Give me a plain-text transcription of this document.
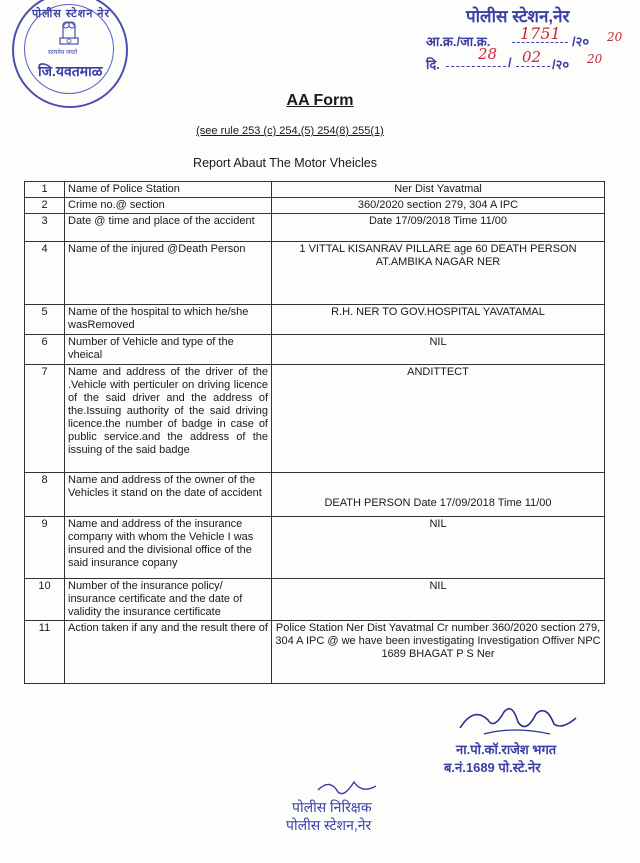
पोलीस स्टेशन नेर
सत्यमेव जयते
जि.यवतमाळ
पोलीस स्टेशन,नेर
आ.क्र./जा.क्र. 1751 /२० 20
दि.
28 / 02 /२० 20
AA Form
(see rule 253 (c) 254,(5) 254(8) 255(1)
Report Abaut The Motor Vheicles
1	Name of Police Station	Ner Dist Yavatmal
2	Crime no.@ section	360/2020 section 279, 304 A IPC
3	Date @ time and place of the accident	Date 17/09/2018 Time 11/00
4	Name of the injured @Death Person	1 VITTAL KISANRAV PILLARE age 60 DEATH PERSON AT.AMBIKA NAGAR NER
5	Name of the hospital to which he/she wasRemoved	R.H. NER TO GOV.HOSPITAL YAVATAMAL
6	Number of Vehicle and type of the vheical	NIL
7	Name and address of the driver of the .Vehicle with perticuler on driving licence of the said driver and the address of the.Issuing authority of the said driving licence.the number of badge in case of public service.and the address of the issuing of the said badge	ANDITTECT
8	Name and address of the owner of the Vehicles it stand on the date of accident	DEATH PERSON Date 17/09/2018 Time 11/00
9	Name and address of the insurance company with whom the Vehicle I was insured and the divisional office of the said insurance copany	NIL
10	Number of the insurance policy/ insurance certificate and the date of validity the insurance certificate	NIL
11	Action taken if any and the result there of	Police Station Ner Dist Yavatmal Cr number 360/2020 section 279, 304 A IPC @ we have been investigating Investigation Offiver NPC 1689 BHAGAT P S Ner
ना.पो.कॉ.राजेश भगत
ब.नं.1689 पो.स्टे.नेर
पोलीस निरिक्षक
पोलीस स्टेशन,नेर
